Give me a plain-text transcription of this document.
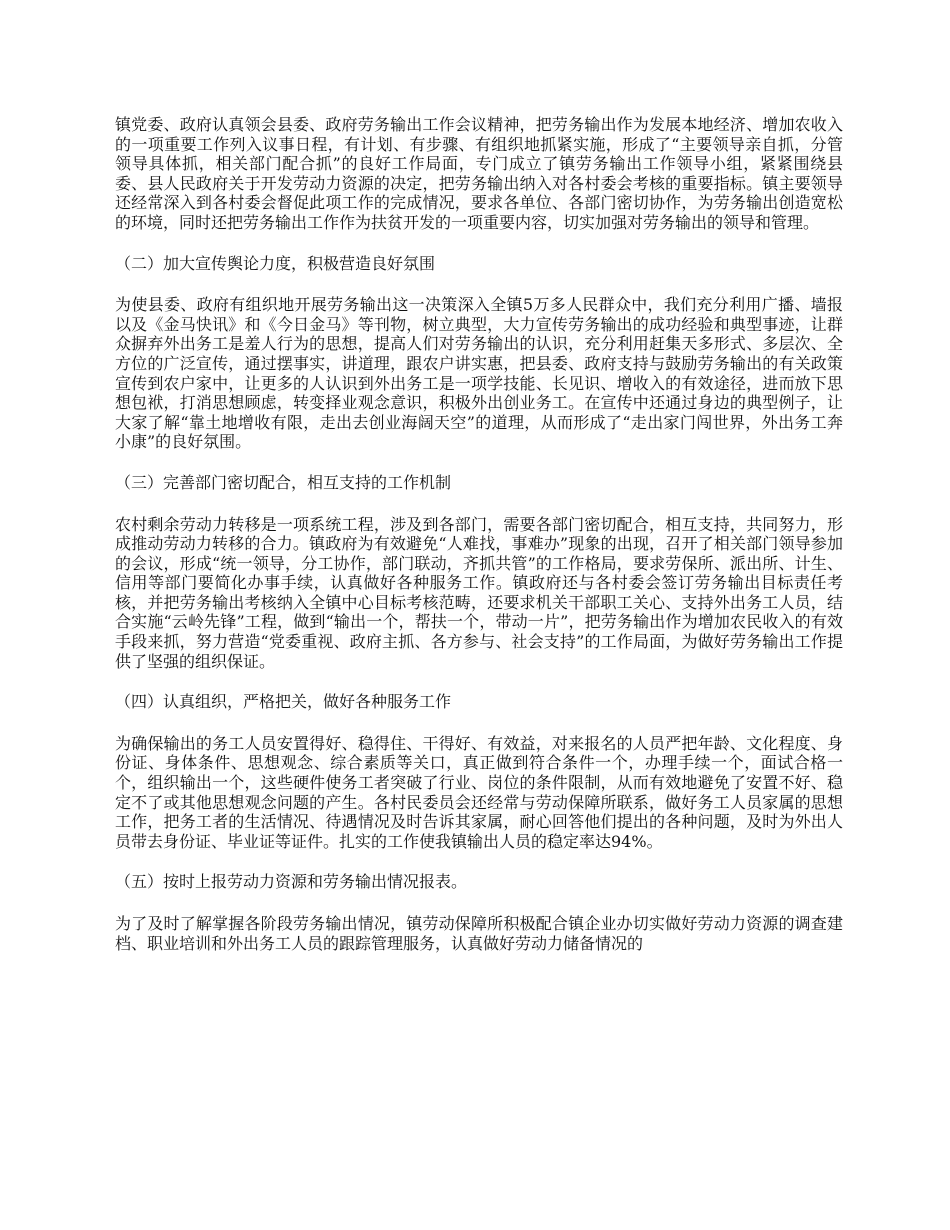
镇党委、政府认真领会县委、政府劳务输出工作会议精神，把劳务输出作为发展本地经济、增加农收入的一项重要工作列入议事日程，有计划、有步骤、有组织地抓紧实施，形成了“主要领导亲自抓，分管领导具体抓，相关部门配合抓”的良好工作局面，专门成立了镇劳务输出工作领导小组，紧紧围绕县委、县人民政府关于开发劳动力资源的决定，把劳务输出纳入对各村委会考核的重要指标。镇主要领导还经常深入到各村委会督促此项工作的完成情况，要求各单位、各部门密切协作，为劳务输出创造宽松的环境，同时还把劳务输出工作作为扶贫开发的一项重要内容，切实加强对劳务输出的领导和管理。

（二）加大宣传舆论力度，积极营造良好氛围

为使县委、政府有组织地开展劳务输出这一决策深入全镇5万多人民群众中，我们充分利用广播、墙报以及《金马快讯》和《今日金马》等刊物，树立典型，大力宣传劳务输出的成功经验和典型事迹，让群众摒弃外出务工是羞人行为的思想，提高人们对劳务输出的认识，充分利用赶集天多形式、多层次、全方位的广泛宣传，通过摆事实，讲道理，跟农户讲实惠，把县委、政府支持与鼓励劳务输出的有关政策宣传到农户家中，让更多的人认识到外出务工是一项学技能、长见识、增收入的有效途径，进而放下思想包袱，打消思想顾虑，转变择业观念意识，积极外出创业务工。在宣传中还通过身边的典型例子，让大家了解“靠土地增收有限，走出去创业海阔天空”的道理，从而形成了“走出家门闯世界，外出务工奔小康”的良好氛围。

（三）完善部门密切配合，相互支持的工作机制

农村剩余劳动力转移是一项系统工程，涉及到各部门，需要各部门密切配合，相互支持，共同努力，形成推动劳动力转移的合力。镇政府为有效避免“人难找，事难办”现象的出现，召开了相关部门领导参加的会议，形成“统一领导，分工协作，部门联动，齐抓共管”的工作格局，要求劳保所、派出所、计生、信用等部门要简化办事手续，认真做好各种服务工作。镇政府还与各村委会签订劳务输出目标责任考核，并把劳务输出考核纳入全镇中心目标考核范畴，还要求机关干部职工关心、支持外出务工人员，结合实施“云岭先锋”工程，做到“输出一个，帮扶一个，带动一片”，把劳务输出作为增加农民收入的有效手段来抓，努力营造“党委重视、政府主抓、各方参与、社会支持”的工作局面，为做好劳务输出工作提供了坚强的组织保证。

（四）认真组织，严格把关，做好各种服务工作

为确保输出的务工人员安置得好、稳得住、干得好、有效益，对来报名的人员严把年龄、文化程度、身份证、身体条件、思想观念、综合素质等关口，真正做到符合条件一个，办理手续一个，面试合格一个，组织输出一个，这些硬件使务工者突破了行业、岗位的条件限制，从而有效地避免了安置不好、稳定不了或其他思想观念问题的产生。各村民委员会还经常与劳动保障所联系，做好务工人员家属的思想工作，把务工者的生活情况、待遇情况及时告诉其家属，耐心回答他们提出的各种问题，及时为外出人员带去身份证、毕业证等证件。扎实的工作使我镇输出人员的稳定率达94%。

（五）按时上报劳动力资源和劳务输出情况报表。

为了及时了解掌握各阶段劳务输出情况，镇劳动保障所积极配合镇企业办切实做好劳动力资源的调查建档、职业培训和外出务工人员的跟踪管理服务，认真做好劳动力储备情况的
